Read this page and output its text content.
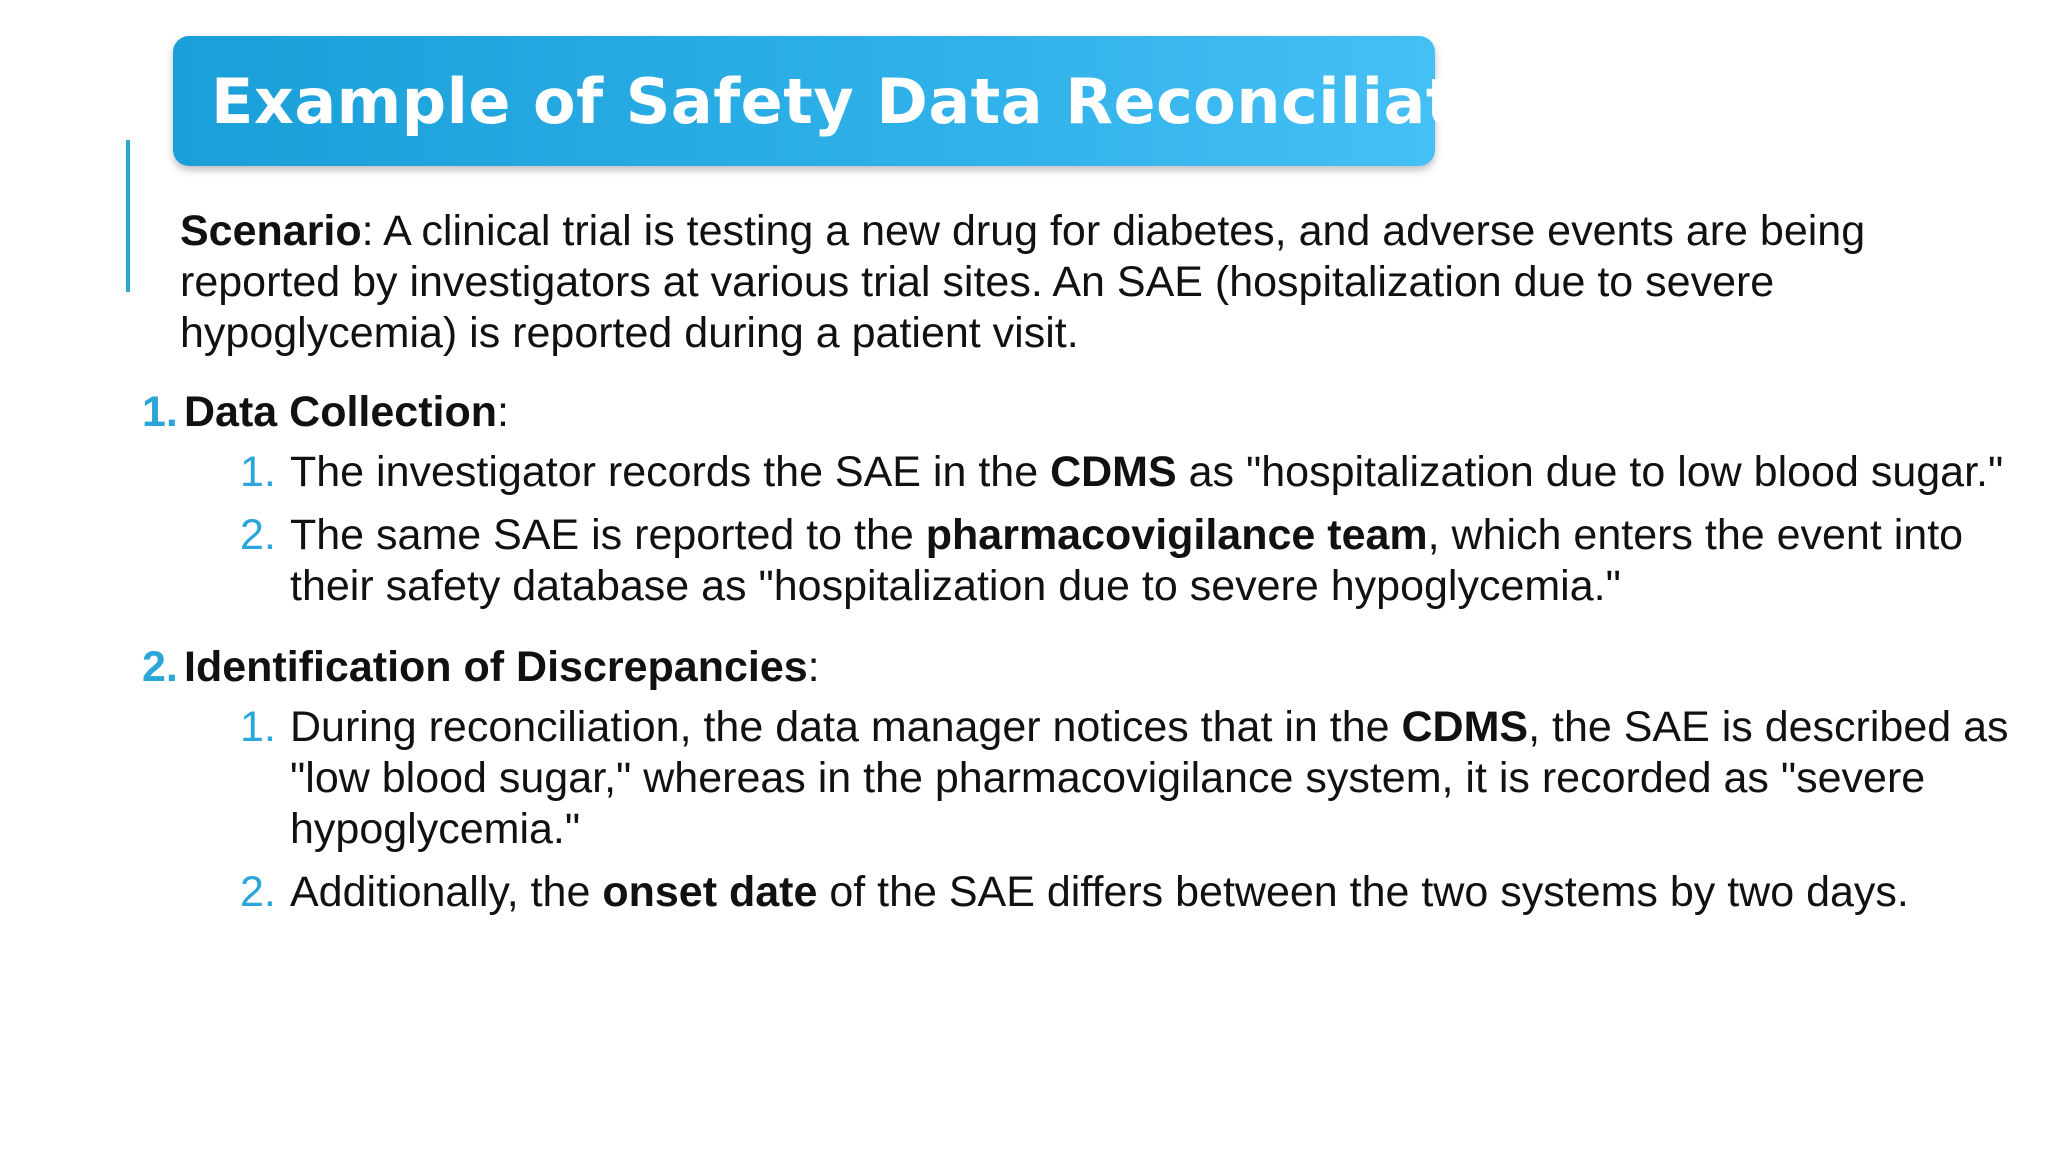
Example of Safety Data Reconciliation

Scenario: A clinical trial is testing a new drug for diabetes, and adverse events are being reported by investigators at various trial sites. An SAE (hospitalization due to severe hypoglycemia) is reported during a patient visit.

1. Data Collection:
1. The investigator records the SAE in the CDMS as "hospitalization due to low blood sugar."
2. The same SAE is reported to the pharmacovigilance team, which enters the event into their safety database as "hospitalization due to severe hypoglycemia."
2. Identification of Discrepancies:
1. During reconciliation, the data manager notices that in the CDMS, the SAE is described as "low blood sugar," whereas in the pharmacovigilance system, it is recorded as "severe hypoglycemia."
2. Additionally, the onset date of the SAE differs between the two systems by two days.
